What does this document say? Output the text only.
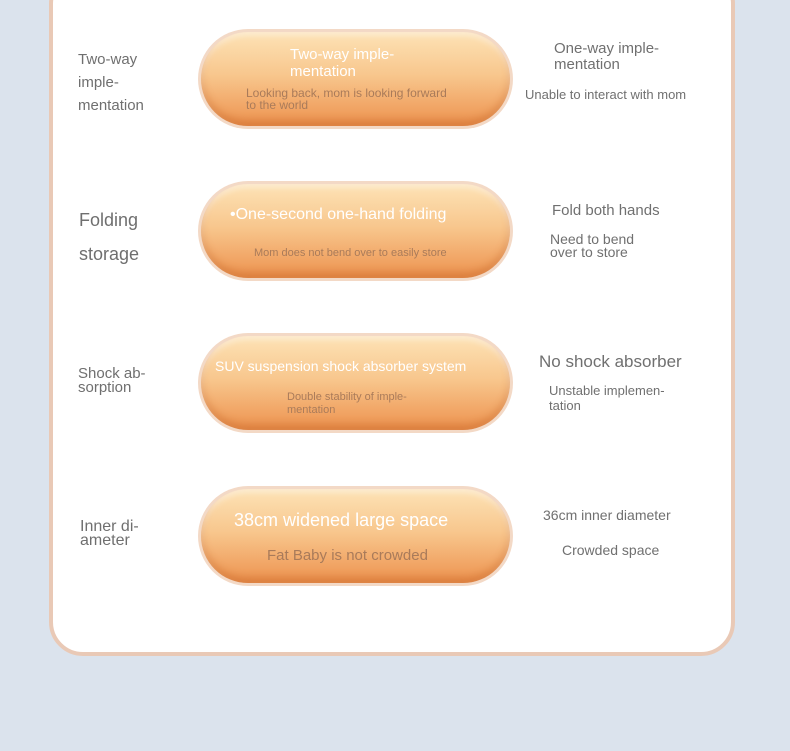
Two-way
imple-
mentation
Two-way imple-
mentation
Looking back, mom is looking forward
to the world
One-way imple-
mentation
Unable to interact with mom
Folding
storage
•One-second one-hand folding
Mom does not bend over to easily store
Fold both hands
Need to bend
over to store
Shock ab-
sorption
SUV suspension shock absorber system
Double stability of imple-
mentation
No shock absorber
Unstable implemen-
tation
Inner di-
ameter
38cm widened large space
Fat Baby is not crowded
36cm inner diameter
Crowded space
